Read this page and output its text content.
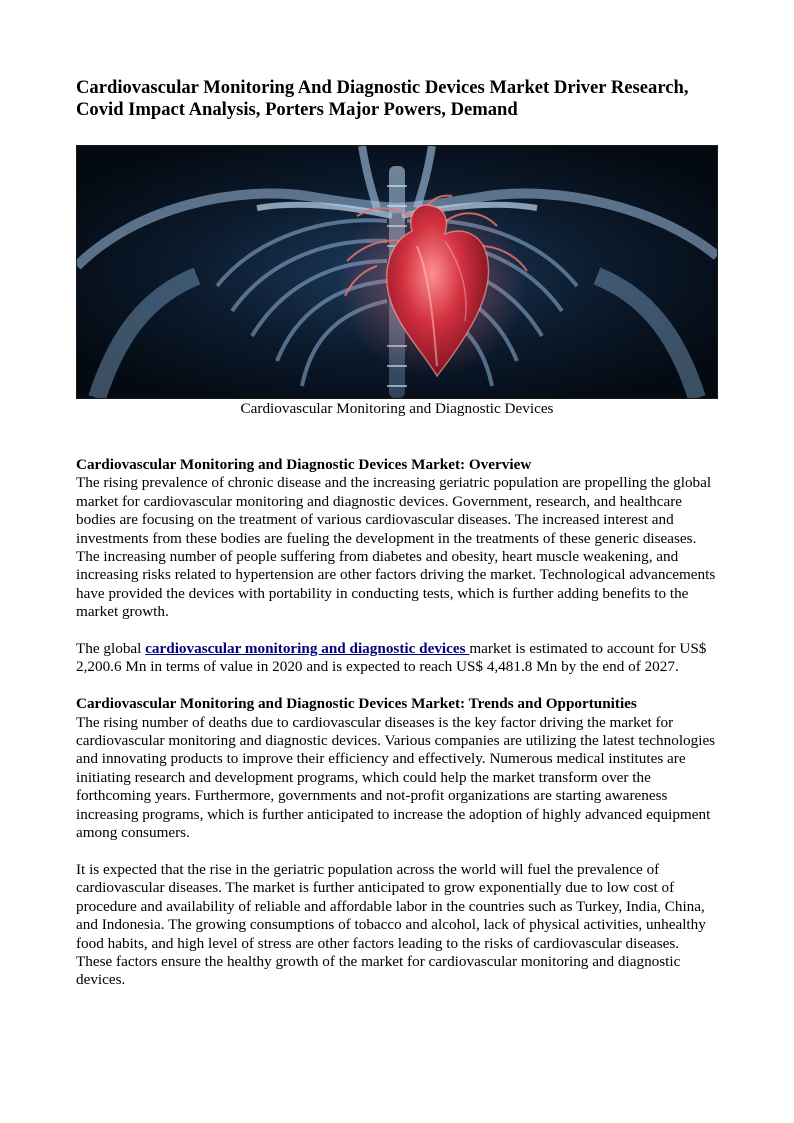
Cardiovascular Monitoring And Diagnostic Devices Market Driver Research, Covid Impact Analysis, Porters Major Powers, Demand
Cardiovascular Monitoring and Diagnostic Devices

Cardiovascular Monitoring and Diagnostic Devices Market: Overview
The rising prevalence of chronic disease and the increasing geriatric population are propelling the global market for cardiovascular monitoring and diagnostic devices. Government, research, and healthcare bodies are focusing on the treatment of various cardiovascular diseases. The increased interest and investments from these bodies are fueling the development in the treatments of these generic diseases. The increasing number of people suffering from diabetes and obesity, heart muscle weakening, and increasing risks related to hypertension are other factors driving the market. Technological advancements have provided the devices with portability in conducting tests, which is further adding benefits to the market growth.

The global cardiovascular monitoring and diagnostic devices market is estimated to account for US$ 2,200.6 Mn in terms of value in 2020 and is expected to reach US$ 4,481.8 Mn by the end of 2027.

Cardiovascular Monitoring and Diagnostic Devices Market: Trends and Opportunities
The rising number of deaths due to cardiovascular diseases is the key factor driving the market for cardiovascular monitoring and diagnostic devices. Various companies are utilizing the latest technologies and innovating products to improve their efficiency and effectively. Numerous medical institutes are initiating research and development programs, which could help the market transform over the forthcoming years. Furthermore, governments and not-profit organizations are starting awareness increasing programs, which is further anticipated to increase the adoption of highly advanced equipment among consumers.

It is expected that the rise in the geriatric population across the world will fuel the prevalence of cardiovascular diseases. The market is further anticipated to grow exponentially due to low cost of procedure and availability of reliable and affordable labor in the countries such as Turkey, India, China, and Indonesia. The growing consumptions of tobacco and alcohol, lack of physical activities, unhealthy food habits, and high level of stress are other factors leading to the risks of cardiovascular diseases. These factors ensure the healthy growth of the market for cardiovascular monitoring and diagnostic devices.
